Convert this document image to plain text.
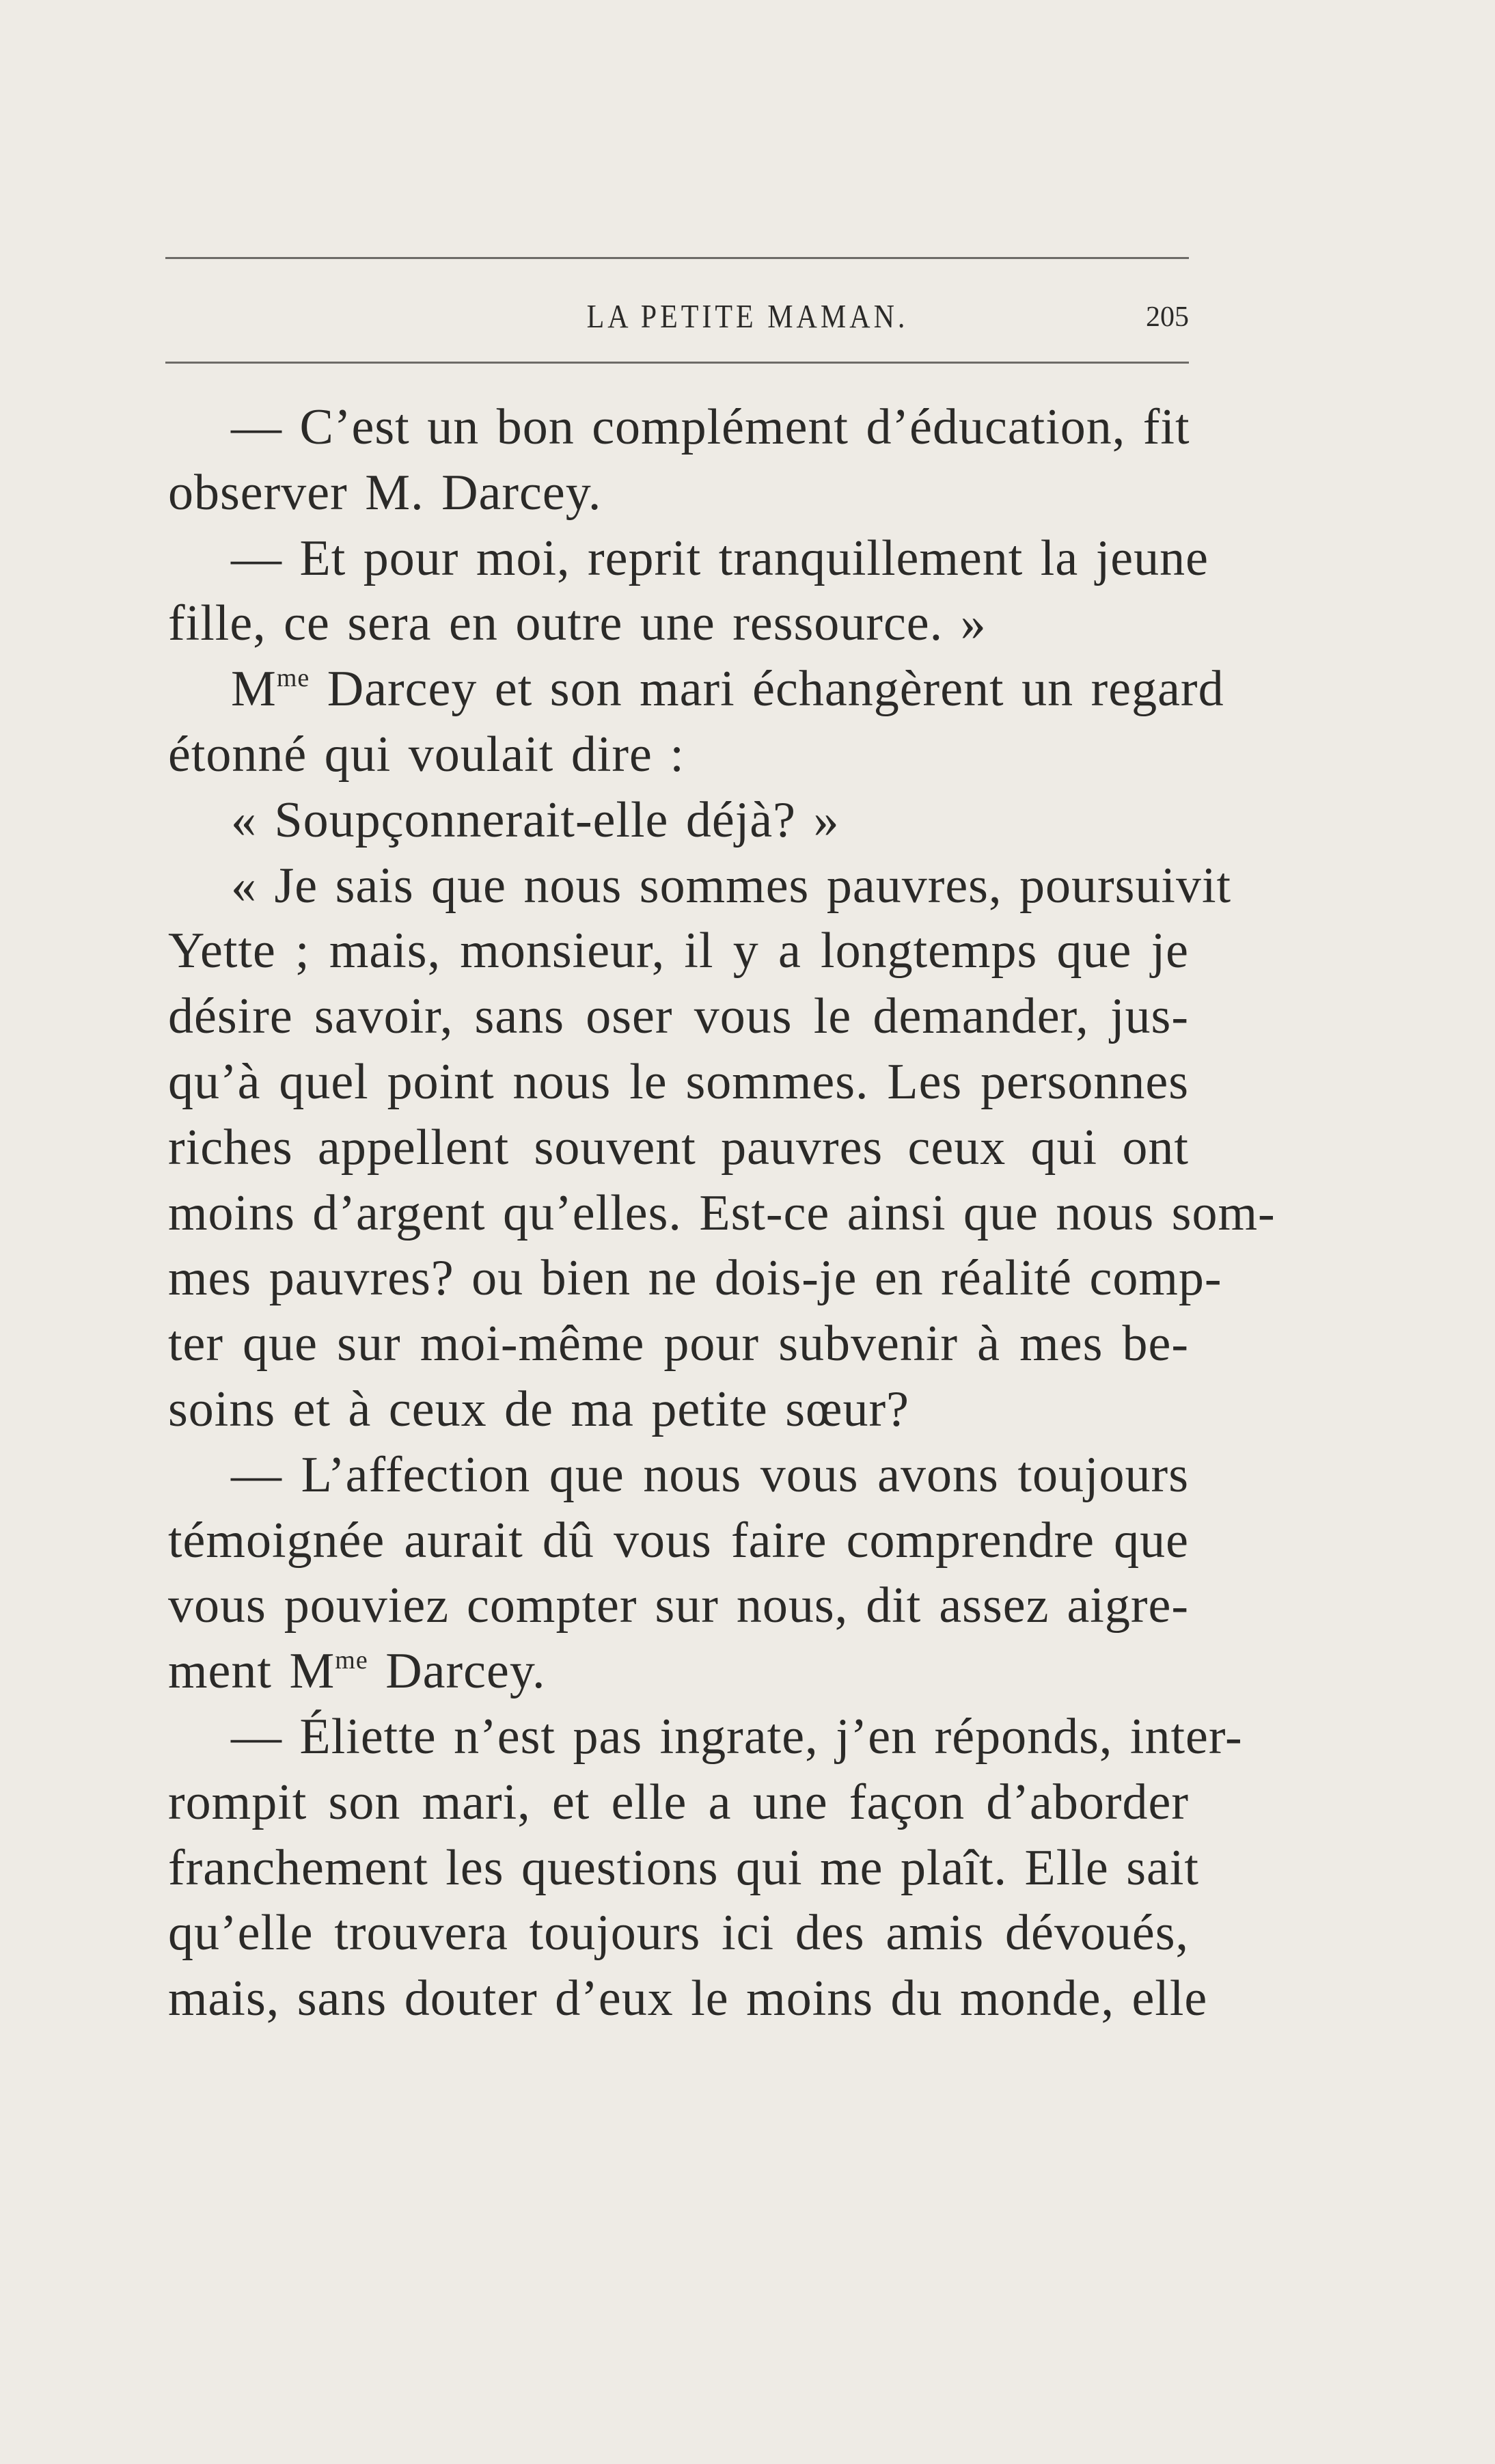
LA PETITE MAMAN.	205
— C’est un bon complément d’éducation, fit
observer M. Darcey.
— Et pour moi, reprit tranquillement la jeune
fille, ce sera en outre une ressource. »
$M^{me}$ Darcey et son mari échangèrent un regard
étonné qui voulait dire :
« Soupçonnerait-elle déjà? »
« Je sais que nous sommes pauvres, poursuivit
Yette ; mais, monsieur, il y a longtemps que je
désire savoir, sans oser vous le demander, jus-
qu’à quel point nous le sommes. Les personnes
riches appellent souvent pauvres ceux qui ont
moins d’argent qu’elles. Est-ce ainsi que nous som-
mes pauvres? ou bien ne dois-je en réalité comp-
ter que sur moi-même pour subvenir à mes be-
soins et à ceux de ma petite sœur?
— L’affection que nous vous avons toujours
témoignée aurait dû vous faire comprendre que
vous pouviez compter sur nous, dit assez aigre-
ment $M^{me}$ Darcey.
— Éliette n’est pas ingrate, j’en réponds, inter-
rompit son mari, et elle a une façon d’aborder
franchement les questions qui me plaît. Elle sait
qu’elle trouvera toujours ici des amis dévoués,
mais, sans douter d’eux le moins du monde, elle
